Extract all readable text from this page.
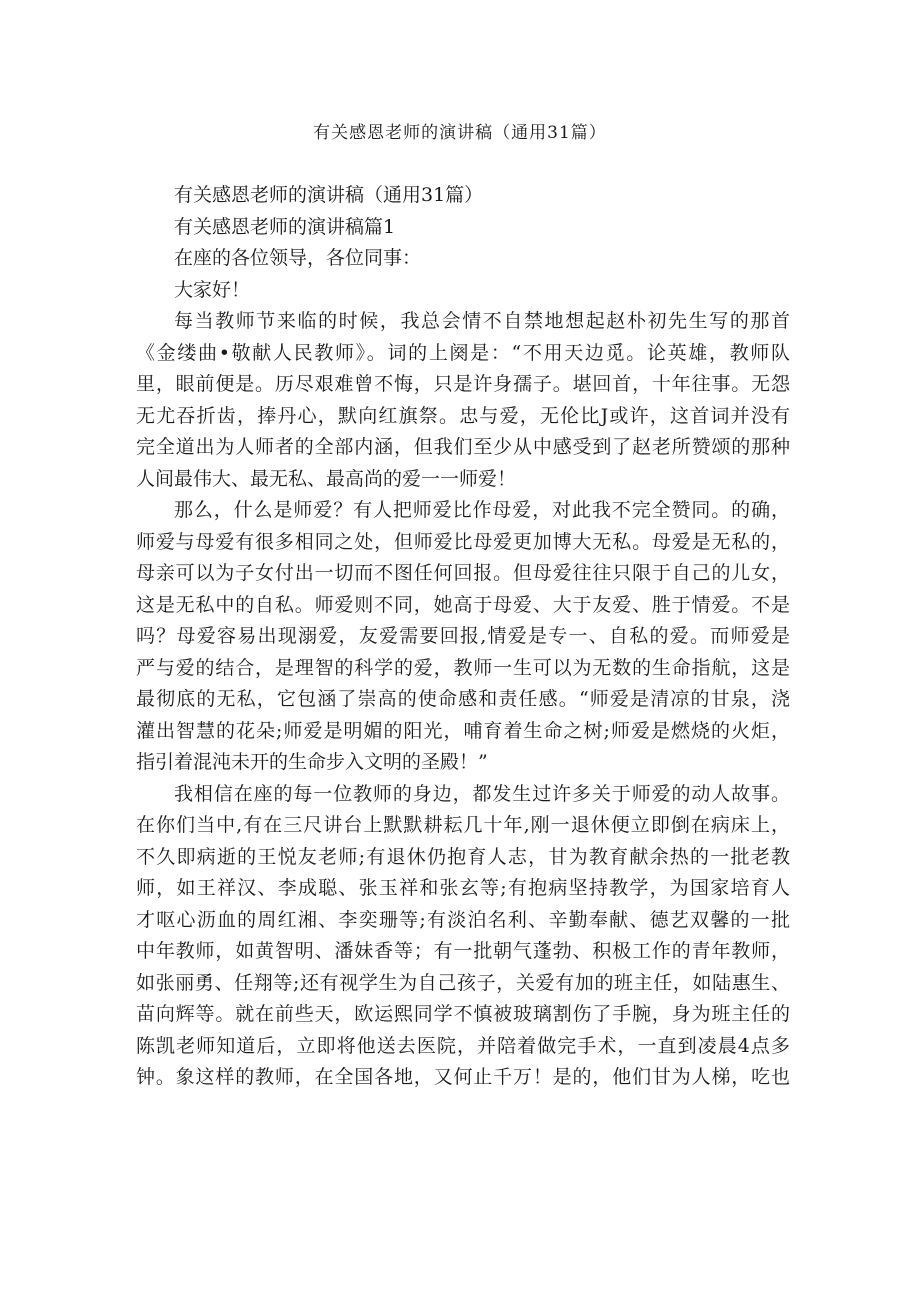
有关感恩老师的演讲稿（通用31篇）
有关感恩老师的演讲稿（通用31篇）
有关感恩老师的演讲稿篇1
在座的各位领导，各位同事：
大家好！
每当教师节来临的时候，我总会情不自禁地想起赵朴初先生写的那首
《金缕曲•敬献人民教师》。词的上阕是：“不用天边觅。论英雄，教师队
里，眼前便是。历尽艰难曾不悔，只是许身孺子。堪回首，十年往事。无怨
无尤吞折齿，捧丹心，默向红旗祭。忠与爱，无伦比J或许，这首词并没有
完全道出为人师者的全部内涵，但我们至少从中感受到了赵老所赞颂的那种
人间最伟大、最无私、最高尚的爱一一师爱！
那么，什么是师爱？有人把师爱比作母爱，对此我不完全赞同。的确，
师爱与母爱有很多相同之处，但师爱比母爱更加博大无私。母爱是无私的，
母亲可以为子女付出一切而不图任何回报。但母爱往往只限于自己的儿女，
这是无私中的自私。师爱则不同，她高于母爱、大于友爱、胜于情爱。不是
吗？母爱容易出现溺爱，友爱需要回报,情爱是专一、自私的爱。而师爱是
严与爱的结合，是理智的科学的爱，教师一生可以为无数的生命指航，这是
最彻底的无私，它包涵了崇高的使命感和责任感。“师爱是清凉的甘泉，浇
灌出智慧的花朵;师爱是明媚的阳光，哺育着生命之树;师爱是燃烧的火炬，
指引着混沌未开的生命步入文明的圣殿！”
我相信在座的每一位教师的身边，都发生过许多关于师爱的动人故事。
在你们当中,有在三尺讲台上默默耕耘几十年,刚一退休便立即倒在病床上，
不久即病逝的王悦友老师;有退休仍抱育人志，甘为教育献余热的一批老教
师，如王祥汉、李成聪、张玉祥和张玄等;有抱病坚持教学，为国家培育人
才呕心沥血的周红湘、李奕珊等;有淡泊名利、辛勤奉献、德艺双馨的一批
中年教师，如黄智明、潘妹香等；有一批朝气蓬勃、积极工作的青年教师，
如张丽勇、任翔等;还有视学生为自己孩子，关爱有加的班主任，如陆惠生、
苗向辉等。就在前些天，欧运熙同学不慎被玻璃割伤了手腕，身为班主任的
陈凯老师知道后，立即将他送去医院，并陪着做完手术，一直到凌晨4点多
钟。象这样的教师，在全国各地，又何止千万！是的，他们甘为人梯，吃也
